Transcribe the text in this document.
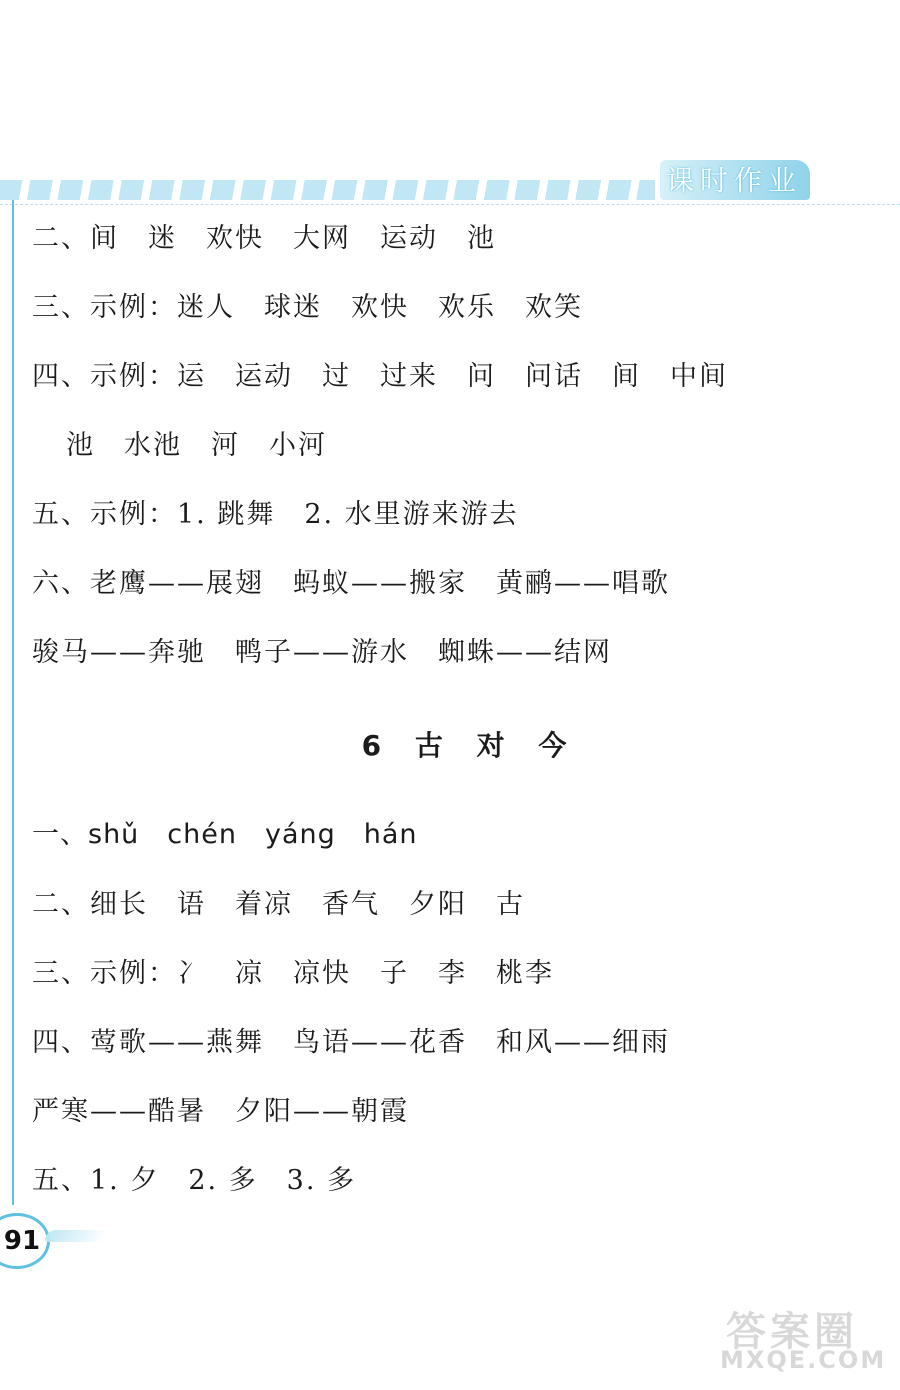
课时作业
二、间　迷　欢快　大网　运动　池
三、示例：迷人　球迷　欢快　欢乐　欢笑
四、示例：运　运动　过　过来　问　问话　间　中间
池　水池　河　小河
五、示例：1. 跳舞　2. 水里游来游去
六、老鹰——展翅　蚂蚁——搬家　黄鹂——唱歌
骏马——奔驰　鸭子——游水　蜘蛛——结网
6 古 对 今
一、shǔ　chén　yáng　hán
二、细长　语　着凉　香气　夕阳　古
三、示例：冫　凉　凉快　子　李　桃李
四、莺歌——燕舞　鸟语——花香　和风——细雨
严寒——酷暑　夕阳——朝霞
五、1. 夕　2. 多　3. 多
91
答案圈
MXQE.COM
